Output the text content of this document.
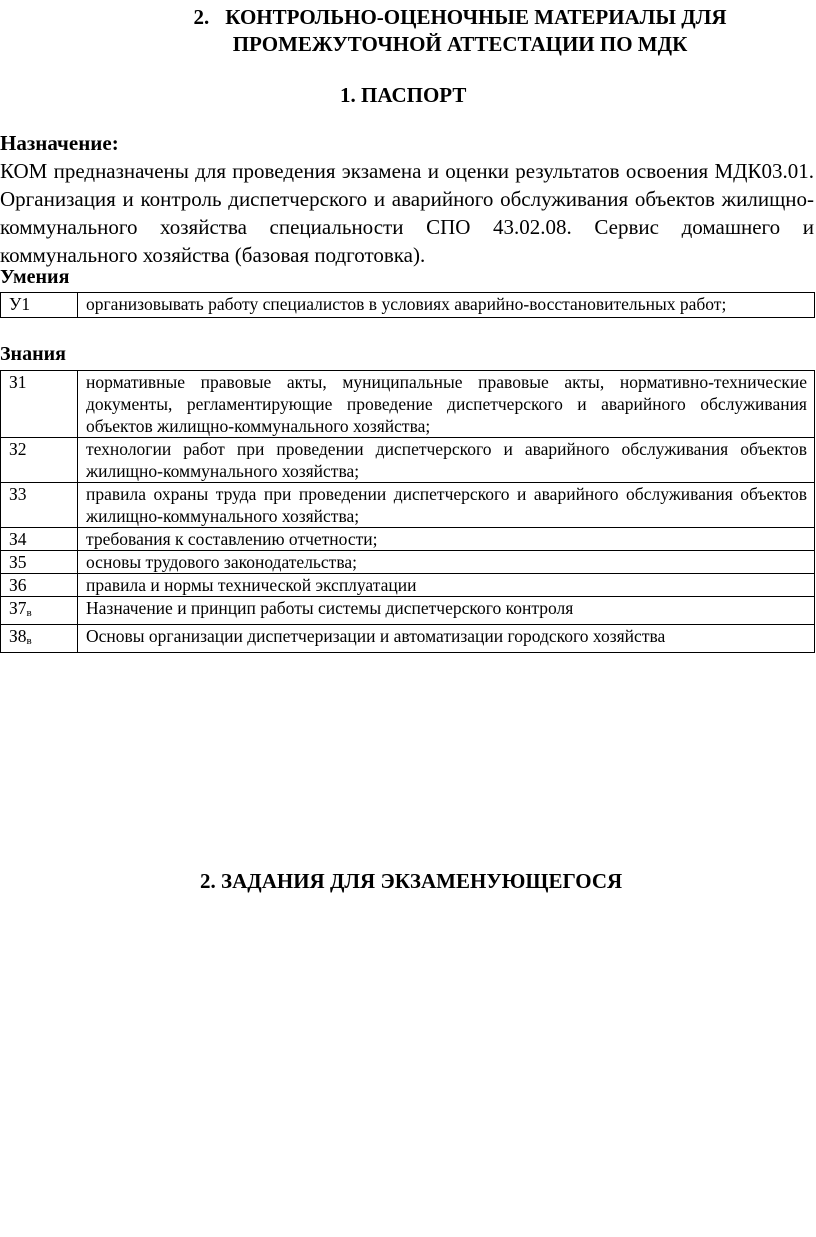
2. КОНТРОЛЬНО-ОЦЕНОЧНЫЕ МАТЕРИАЛЫ ДЛЯ
ПРОМЕЖУТОЧНОЙ АТТЕСТАЦИИ ПО МДК
1. ПАСПОРТ
Назначение:
КОМ предназначены для проведения экзамена и оценки результатов освоения МДК03.01. Организация и контроль диспетчерского и аварийного обслуживания объектов жилищно-коммунального хозяйства специальности СПО 43.02.08. Сервис домашнего и коммунального хозяйства (базовая подготовка).
Умения
У1	организовывать работу специалистов в условиях аварийно-восстановительных работ;
Знания
З1	нормативные правовые акты, муниципальные правовые акты, нормативно-технические документы, регламентирующие проведение диспетчерского и аварийного обслуживания объектов жилищно-коммунального хозяйства;
З2	технологии работ при проведении диспетчерского и аварийного обслуживания объектов жилищно-коммунального хозяйства;
З3	правила охраны труда при проведении диспетчерского и аварийного обслуживания объектов жилищно-коммунального хозяйства;
З4	требования к составлению отчетности;
З5	основы трудового законодательства;
З6	правила и нормы технической эксплуатации
З7в	Назначение и принцип работы системы диспетчерского контроля
З8в	Основы организации диспетчеризации и автоматизации городского хозяйства
2. ЗАДАНИЯ ДЛЯ ЭКЗАМЕНУЮЩЕГОСЯ
